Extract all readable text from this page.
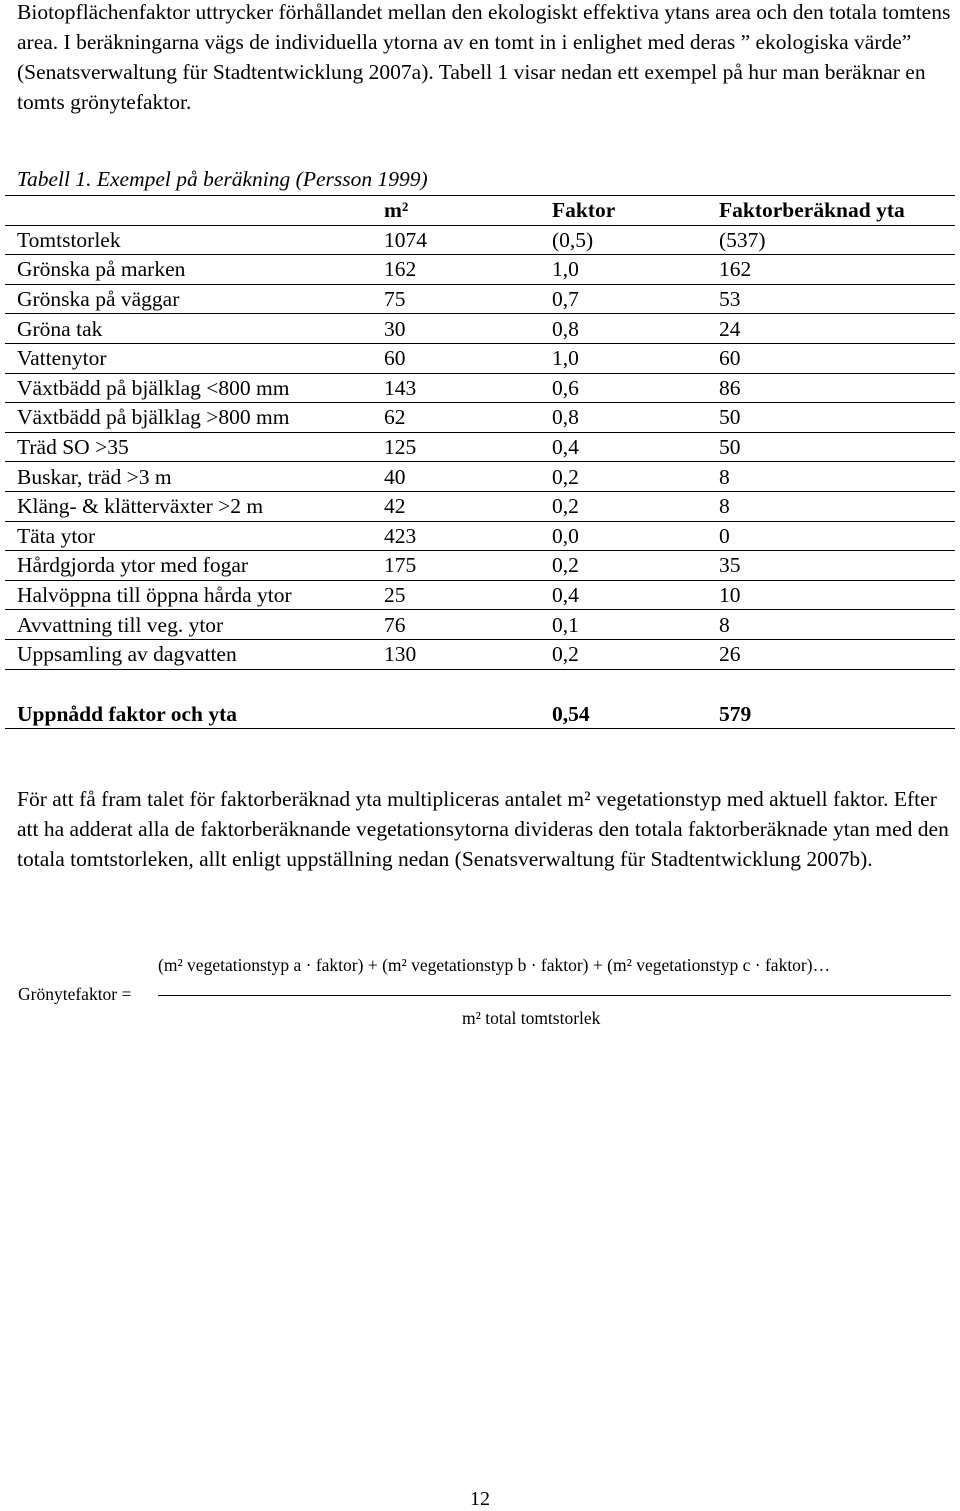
Biotopflächenfaktor uttrycker förhållandet mellan den ekologiskt effektiva ytans area och den totala tomtens area. I beräkningarna vägs de individuella ytorna av en tomt in i enlighet med deras ” ekologiska värde” (Senatsverwaltung für Stadtentwicklung 2007a). Tabell 1 visar nedan ett exempel på hur man beräknar en tomts grönytefaktor.

Tabell 1. Exempel på beräkning (Persson 1999)

	m²	Faktor	Faktorberäknad yta
Tomtstorlek	1074	(0,5)	(537)
Grönska på marken	162	1,0	162
Grönska på väggar	75	0,7	53
Gröna tak	30	0,8	24
Vattenytor	60	1,0	60
Växtbädd på bjälklag <800 mm	143	0,6	86
Växtbädd på bjälklag >800 mm	62	0,8	50
Träd SO >35	125	0,4	50
Buskar, träd >3 m	40	0,2	8
Kläng- & klätterväxter >2 m	42	0,2	8
Täta ytor	423	0,0	0
Hårdgjorda ytor med fogar	175	0,2	35
Halvöppna till öppna hårda ytor	25	0,4	10
Avvattning till veg. ytor	76	0,1	8
Uppsamling av dagvatten	130	0,2	26

Uppnådd faktor och yta		0,54	579

För att få fram talet för faktorberäknad yta multipliceras antalet m² vegetationstyp med aktuell faktor. Efter att ha adderat alla de faktorberäknande vegetationsytorna divideras den totala faktorberäknade ytan med den totala tomtstorleken, allt enligt uppställning nedan (Senatsverwaltung für Stadtentwicklung 2007b).

(m² vegetationstyp a · faktor) + (m² vegetationstyp b · faktor) + (m² vegetationstyp c · faktor)…
Grönytefaktor =
m² total tomtstorlek
12
